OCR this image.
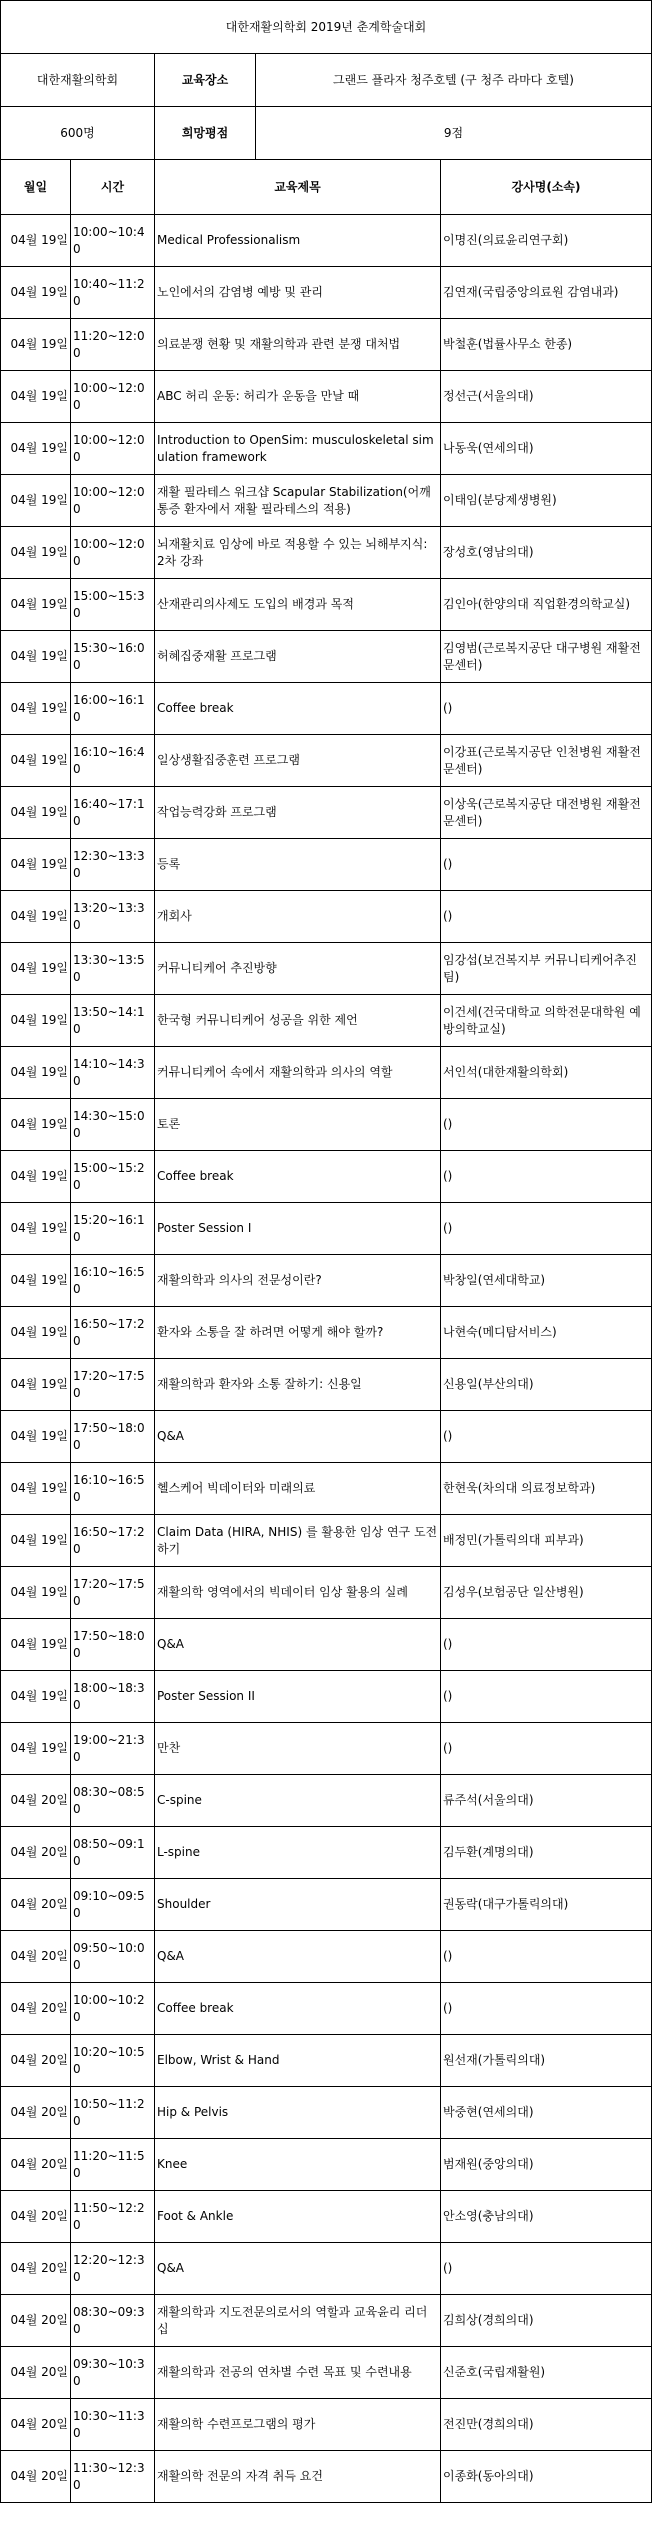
대한재활의학회 2019년 춘계학술대회			
대한재활의학회		교육장소 그랜드 플라자 청주호텔 (구 청주 라마다 호텔)	

600명		희망평점 9점	

월일	시간	교육제목	강사명(소속)
04월 19일	10:00~10:40	Medical Professionalism	이명진(의료윤리연구회)
04월 19일	10:40~11:20	노인에서의 감염병 예방 및 관리	김연재(국립중앙의료원 감염내과)
04월 19일	11:20~12:00	의료분쟁 현황 및 재활의학과 관련 분쟁 대처법	박철훈(법률사무소 한종)
04월 19일	10:00~12:00	ABC 허리 운동: 허리가 운동을 만날 때	정선근(서울의대)
04월 19일	10:00~12:00	Introduction to OpenSim: musculoskeletal simulation framework	나동욱(연세의대)
04월 19일	10:00~12:00	재활 필라테스 워크샵 Scapular Stabilization(어깨 통증 환자에서 재활 필라테스의 적용)	이태임(분당제생병원)
04월 19일	10:00~12:00	뇌재활치료 임상에 바로 적용할 수 있는 뇌해부지식: 2차 강좌	장성호(영남의대)
04월 19일	15:00~15:30	산재관리의사제도 도입의 배경과 목적	김인아(한양의대 직업환경의학교실)
04월 19일	15:30~16:00	허혜집중재활 프로그램	김영범(근로복지공단 대구병원 재활전문센터)
04월 19일	16:00~16:10	Coffee break	()
04월 19일	16:10~16:40	일상생활집중훈련 프로그램	이강표(근로복지공단 인천병원 재활전문센터)
04월 19일	16:40~17:10	작업능력강화 프로그램	이상욱(근로복지공단 대전병원 재활전문센터)
04월 19일	12:30~13:30	등록	()
04월 19일	13:20~13:30	개회사	()
04월 19일	13:30~13:50	커뮤니티케어 추진방향	임강섭(보건복지부 커뮤니티케어추진팀)
04월 19일	13:50~14:10	한국형 커뮤니티케어 성공을 위한 제언	이건세(건국대학교 의학전문대학원 예방의학교실)
04월 19일	14:10~14:30	커뮤니티케어 속에서 재활의학과 의사의 역할	서인석(대한재활의학회)
04월 19일	14:30~15:00	토론	()
04월 19일	15:00~15:20	Coffee break	()
04월 19일	15:20~16:10	Poster Session I	()
04월 19일	16:10~16:50	재활의학과 의사의 전문성이란?	박창일(연세대학교)
04월 19일	16:50~17:20	환자와 소통을 잘 하려면 어떻게 해야 할까?	나현숙(메디탐서비스)
04월 19일	17:20~17:50	재활의학과 환자와 소통 잘하기: 신용일	신용일(부산의대)
04월 19일	17:50~18:00	Q&A	()
04월 19일	16:10~16:50	헬스케어 빅데이터와 미래의료	한현욱(차의대 의료정보학과)
04월 19일	16:50~17:20	Claim Data (HIRA, NHIS) 를 활용한 임상 연구 도전하기	배정민(가톨릭의대 피부과)
04월 19일	17:20~17:50	재활의학 영역에서의 빅데이터 임상 활용의 실례	김성우(보험공단 일산병원)
04월 19일	17:50~18:00	Q&A	()
04월 19일	18:00~18:30	Poster Session II	()
04월 19일	19:00~21:30	만찬	()
04월 20일	08:30~08:50	C-spine	류주석(서울의대)
04월 20일	08:50~09:10	L-spine	김두환(계명의대)
04월 20일	09:10~09:50	Shoulder	권동락(대구가톨릭의대)
04월 20일	09:50~10:00	Q&A	()
04월 20일	10:00~10:20	Coffee break	()
04월 20일	10:20~10:50	Elbow, Wrist & Hand	원선재(가톨릭의대)
04월 20일	10:50~11:20	Hip & Pelvis	박중현(연세의대)
04월 20일	11:20~11:50	Knee	범재원(중앙의대)
04월 20일	11:50~12:20	Foot & Ankle	안소영(충남의대)
04월 20일	12:20~12:30	Q&A	()
04월 20일	08:30~09:30	재활의학과 지도전문의로서의 역할과 교육윤리 리더십	김희상(경희의대)
04월 20일	09:30~10:30	재활의학과 전공의 연차별 수련 목표 및 수련내용	신준호(국립재활원)
04월 20일	10:30~11:30	재활의학 수련프로그램의 평가	전진만(경희의대)
04월 20일	11:30~12:30	재활의학 전문의 자격 취득 요건	이종화(동아의대)
